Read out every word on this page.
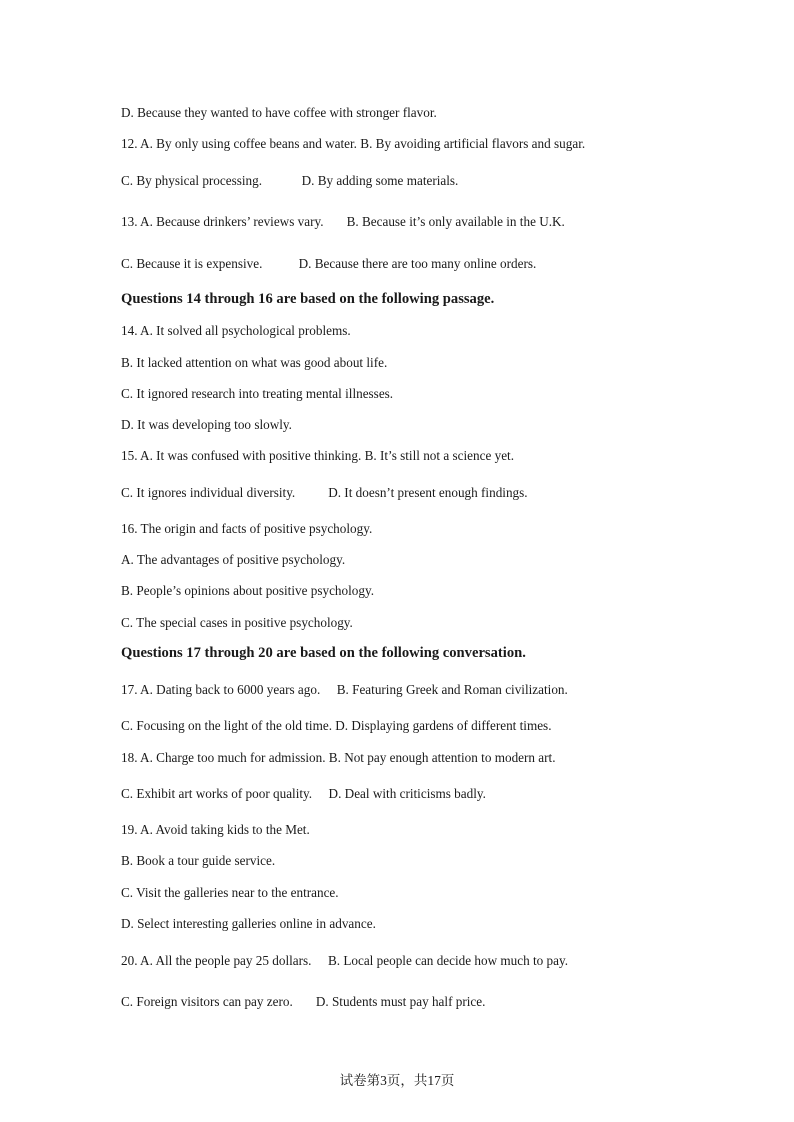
D. Because they wanted to have coffee with stronger flavor.
12. A. By only using coffee beans and water. B. By avoiding artificial flavors and sugar.
C. By physical processing.            D. By adding some materials.
13. A. Because drinkers’ reviews vary.       B. Because it’s only available in the U.K.
C. Because it is expensive.           D. Because there are too many online orders.
Questions 14 through 16 are based on the following passage.
14. A. It solved all psychological problems.
B. It lacked attention on what was good about life.
C. It ignored research into treating mental illnesses.
D. It was developing too slowly.
15. A. It was confused with positive thinking. B. It’s still not a science yet.
C. It ignores individual diversity.          D. It doesn’t present enough findings.
16. The origin and facts of positive psychology.
A. The advantages of positive psychology.
B. People’s opinions about positive psychology.
C. The special cases in positive psychology.
Questions 17 through 20 are based on the following conversation.
17. A. Dating back to 6000 years ago.     B. Featuring Greek and Roman civilization.
C. Focusing on the light of the old time. D. Displaying gardens of different times.
18. A. Charge too much for admission. B. Not pay enough attention to modern art.
C. Exhibit art works of poor quality.     D. Deal with criticisms badly.
19. A. Avoid taking kids to the Met.
B. Book a tour guide service.
C. Visit the galleries near to the entrance.
D. Select interesting galleries online in advance.
20. A. All the people pay 25 dollars.     B. Local people can decide how much to pay.
C. Foreign visitors can pay zero.       D. Students must pay half price.
试卷第3页，共17页
